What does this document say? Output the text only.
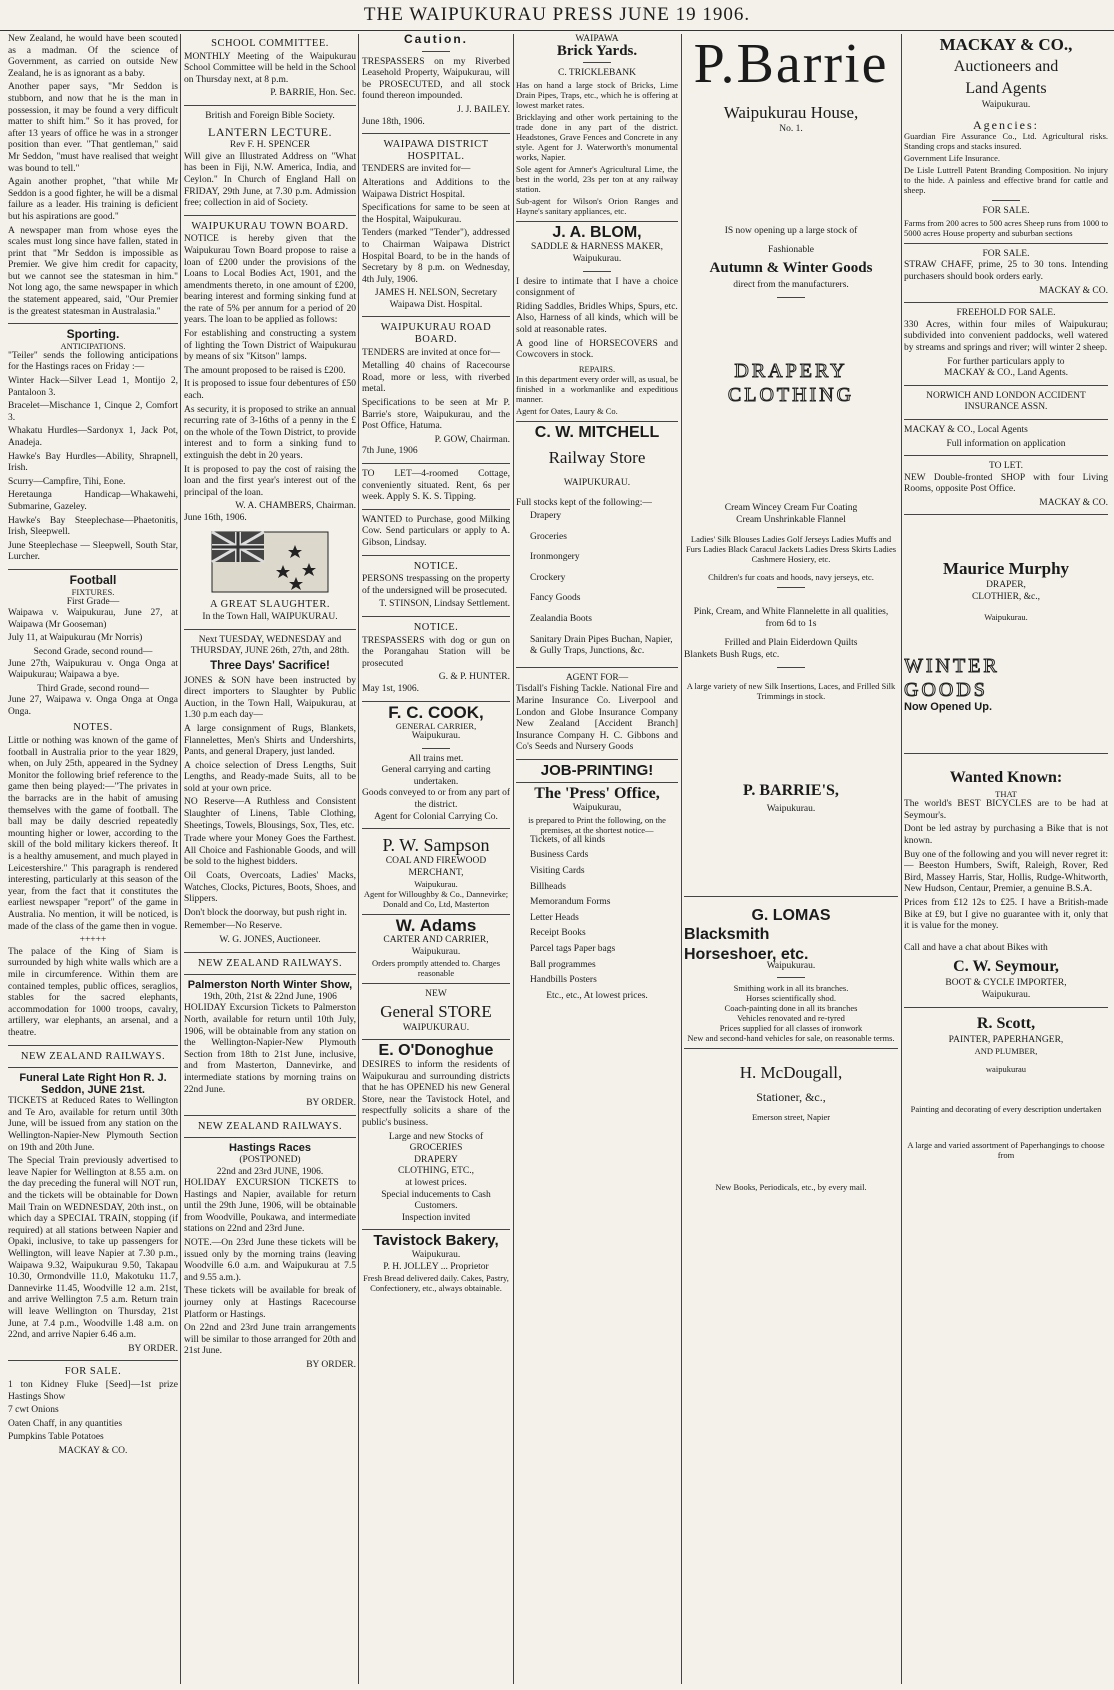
THE WAIPUKURAU PRESS JUNE 19 1906.

New Zealand, he would have been scouted as a madman. Of the science of Government, as carried on outside New Zealand, he is as ignorant as a baby.

Another paper says, "Mr Seddon is stubborn, and now that he is the man in possession, it may be found a very difficult matter to shift him." So it has proved, for after 13 years of office he was in a stronger position than ever. "That gentleman," said Mr Seddon, "must have realised that weight was bound to tell."

Again another prophet, "that while Mr Seddon is a good fighter, he will be a dismal failure as a leader. His training is deficient but his aspirations are good."

A newspaper man from whose eyes the scales must long since have fallen, stated in print that "Mr Seddon is impossible as Premier. We give him credit for capacity, but we cannot see the statesman in him." Not long ago, the same newspaper in which the statement appeared, said, "Our Premier is the greatest statesman in Australasia."

Sporting.
ANTICIPATIONS.

"Teiler" sends the following anticipations for the Hastings races on Friday :—

Winter Hack—Silver Lead 1, Montijo 2, Pantaloon 3.

Bracelet—Mischance 1, Cinque 2, Comfort 3.

Whakatu Hurdles—Sardonyx 1, Jack Pot, Anadeja.

Hawke's Bay Hurdles—Ability, Shrapnell, Irish.

Scurry—Campfire, Tihi, Eone.

Heretaunga Handicap—Whakawehi, Submarine, Gazeley.

Hawke's Bay Steeplechase—Phaetonitis, Irish, Sleepwell.

June Steeplechase — Sleepwell, South Star, Lurcher.

Football
FIXTURES.
First Grade—

Waipawa v. Waipukurau, June 27, at Waipawa (Mr Gooseman)

July 11, at Waipukurau (Mr Norris)

Second Grade, second round—

June 27th, Waipukurau v. Onga Onga at Waipukurau; Waipawa a bye.

Third Grade, second round—

June 27, Waipawa v. Onga Onga at Onga Onga.

NOTES.

Little or nothing was known of the game of football in Australia prior to the year 1829, when, on July 25th, appeared in the Sydney Monitor the following brief reference to the game then being played:—"The privates in the barracks are in the habit of amusing themselves with the game of football. The ball may be daily descried repeatedly mounting higher or lower, according to the skill of the bold military kickers thereof. It is a healthy amusement, and much played in Leicestershire." This paragraph is rendered interesting, particularly at this season of the year, from the fact that it constitutes the earliest newspaper "report" of the game in Australia. No mention, it will be noticed, is made of the class of the game then in vogue.

+++++

The palace of the King of Siam is surrounded by high white walls which are a mile in circumference. Within them are contained temples, public offices, seraglios, stables for the sacred elephants, accommodation for 1000 troops, cavalry, artillery, war elephants, an arsenal, and a theatre.

NEW ZEALAND RAILWAYS.
Funeral Late Right Hon R. J. Seddon, JUNE 21st.

TICKETS at Reduced Rates to Wellington and Te Aro, available for return until 30th June, will be issued from any station on the Wellington-Napier-New Plymouth Section on 19th and 20th June.

The Special Train previously advertised to leave Napier for Wellington at 8.55 a.m. on the day preceding the funeral will NOT run, and the tickets will be obtainable for Down Mail Train on WEDNESDAY, 20th inst., on which day a SPECIAL TRAIN, stopping (if required) at all stations between Napier and Opaki, inclusive, to take up passengers for Wellington, will leave Napier at 7.30 p.m., Waipawa 9.32, Waipukurau 9.50, Takapau 10.30, Ormondville 11.0, Makotuku 11.7, Dannevirke 11.45, Woodville 12 a.m. 21st, and arrive Wellington 7.5 a.m. Return train will leave Wellington on Thursday, 21st June, at 7.4 p.m., Woodville 1.48 a.m. on 22nd, and arrive Napier 6.46 a.m.

BY ORDER.
FOR SALE.

1 ton Kidney Fluke [Seed]—1st prize Hastings Show

7 cwt Onions

Oaten Chaff, in any quantities

Pumpkins Table Potatoes

MACKAY & CO.
SCHOOL COMMITTEE.

MONTHLY Meeting of the Waipukurau School Committee will be held in the School on Thursday next, at 8 p.m.

P. BARRIE, Hon. Sec.
British and Foreign Bible Society.
LANTERN LECTURE.
Rev F. H. SPENCER

Will give an Illustrated Address on "What has been in Fiji, N.W. America, India, and Ceylon." In Church of England Hall on FRIDAY, 29th June, at 7.30 p.m. Admission free; collection in aid of Society.

WAIPUKURAU TOWN BOARD.

NOTICE is hereby given that the Waipukurau Town Board propose to raise a loan of £200 under the provisions of the Loans to Local Bodies Act, 1901, and the amendments thereto, in one amount of £200, bearing interest and forming sinking fund at the rate of 5% per annum for a period of 20 years. The loan to be applied as follows:

For establishing and constructing a system of lighting the Town District of Waipukurau by means of six "Kitson" lamps.

The amount proposed to be raised is £200.

It is proposed to issue four debentures of £50 each.

As security, it is proposed to strike an annual recurring rate of 3-16ths of a penny in the £ on the whole of the Town District, to provide interest and to form a sinking fund to extinguish the debt in 20 years.

It is proposed to pay the cost of raising the loan and the first year's interest out of the principal of the loan.

W. A. CHAMBERS, Chairman.
June 16th, 1906.
A GREAT SLAUGHTER.
In the Town Hall, WAIPUKURAU.
Next TUESDAY, WEDNESDAY and THURSDAY, JUNE 26th, 27th, and 28th.
Three Days' Sacrifice!

JONES & SON have been instructed by direct importers to Slaughter by Public Auction, in the Town Hall, Waipukurau, at 1.30 p.m each day—

A large consignment of Rugs, Blankets, Flannelettes, Men's Shirts and Undershirts, Pants, and general Drapery, just landed.

A choice selection of Dress Lengths, Suit Lengths, and Ready-made Suits, all to be sold at your own price.

NO Reserve—A Ruthless and Consistent Slaughter of Linens, Table Clothing, Sheetings, Towels, Blousings, Sox, Tles, etc.

Trade where your Money Goes the Farthest. All Choice and Fashionable Goods, and will be sold to the highest bidders.

Oil Coats, Overcoats, Ladies' Macks, Watches, Clocks, Pictures, Boots, Shoes, and Slippers.

Don't block the doorway, but push right in.

Remember—No Reserve.

W. G. JONES, Auctioneer.
NEW ZEALAND RAILWAYS.
Palmerston North Winter Show,
19th, 20th, 21st & 22nd June, 1906

HOLIDAY Excursion Tickets to Palmerston North, available for return until 10th July, 1906, will be obtainable from any station on the Wellington-Napier-New Plymouth Section from 18th to 21st June, inclusive, and from Masterton, Dannevirke, and intermediate stations by morning trains on 22nd June.

BY ORDER.
NEW ZEALAND RAILWAYS.
Hastings Races
(POSTPONED)
22nd and 23rd JUNE, 1906.

HOLIDAY EXCURSION TICKETS to Hastings and Napier, available for return until the 29th June, 1906, will be obtainable from Woodville, Poukawa, and intermediate stations on 22nd and 23rd June.

NOTE.—On 23rd June these tickets will be issued only by the morning trains (leaving Woodville 6.0 a.m. and Waipukurau at 7.5 and 9.55 a.m.).

These tickets will be available for break of journey only at Hastings Racecourse Platform or Hastings.

On 22nd and 23rd June train arrangements will be similar to those arranged for 20th and 21st June.

BY ORDER.
Caution.

TRESPASSERS on my Riverbed Leasehold Property, Waipukurau, will be PROSECUTED, and all stock found thereon impounded.

J. J. BAILEY.
June 18th, 1906.
WAIPAWA DISTRICT HOSPITAL.

TENDERS are invited for—

Alterations and Additions to the Waipawa District Hospital.

Specifications for same to be seen at the Hospital, Waipukurau.

Tenders (marked "Tender"), addressed to Chairman Waipawa District Hospital Board, to be in the hands of Secretary by 8 p.m. on Wednesday, 4th July, 1906.

JAMES H. NELSON, Secretary Waipawa Dist. Hospital.
WAIPUKURAU ROAD BOARD.

TENDERS are invited at once for—

Metalling 40 chains of Racecourse Road, more or less, with riverbed metal.

Specifications to be seen at Mr P. Barrie's store, Waipukurau, and the Post Office, Hatuma.

P. GOW, Chairman.
7th June, 1906

TO LET—4-roomed Cottage, conveniently situated. Rent, 6s per week. Apply S. K. S. Tipping.

WANTED to Purchase, good Milking Cow. Send particulars or apply to A. Gibson, Lindsay.

NOTICE.

PERSONS trespassing on the property of the undersigned will be prosecuted.

T. STINSON, Lindsay Settlement.
NOTICE.

TRESPASSERS with dog or gun on the Porangahau Station will be prosecuted

G. & P. HUNTER.
May 1st, 1906.
F. C. COOK,
GENERAL CARRIER,
Waipukurau.
All trains met.
General carrying and carting undertaken.
Goods conveyed to or from any part of the district.
Agent for Colonial Carrying Co.
P. W. Sampson
COAL AND FIREWOOD MERCHANT,
Waipukurau.
Agent for Willoughby & Co., Dannevirke; Donald and Co, Ltd, Masterton
W. Adams
CARTER AND CARRIER,
Waipukurau.
Orders promptly attended to. Charges reasonable
NEW
General STORE
WAIPUKURAU.
E. O'Donoghue

DESIRES to inform the residents of Waipukurau and surrounding districts that he has OPENED his new General Store, near the Tavistock Hotel, and respectfully solicits a share of the public's business.

Large and new Stocks of
GROCERIES
DRAPERY
CLOTHING, ETC.,
at lowest prices.
Special inducements to Cash Customers.
Inspection invited
Tavistock Bakery,
Waipukurau.
P. H. JOLLEY ... Proprietor
Fresh Bread delivered daily. Cakes, Pastry, Confectionery, etc., always obtainable.
WAIPAWA
Brick Yards.
C. TRICKLEBANK

Has on hand a large stock of Bricks, Lime Drain Pipes, Traps, etc., which he is offering at lowest market rates.

Bricklaying and other work pertaining to the trade done in any part of the district. Headstones, Grave Fences and Concrete in any style. Agent for J. Waterworth's monumental works, Napier.

Sole agent for Amner's Agricultural Lime, the best in the world, 23s per ton at any railway station.

Sub-agent for Wilson's Orion Ranges and Hayne's sanitary appliances, etc.

J. A. BLOM,
SADDLE & HARNESS MAKER,
Waipukurau.

I desire to intimate that I have a choice consignment of

Riding Saddles, Bridles Whips, Spurs, etc.

Also, Harness of all kinds, which will be sold at reasonable rates.

A good line of HORSECOVERS and Cowcovers in stock.

REPAIRS.

In this department every order will, as usual, be finished in a workmanlike and expeditious manner.

Agent for Oates, Laury & Co.

C. W. MITCHELL
Railway Store
WAIPUKURAU.

Full stocks kept of the following:—

Drapery
Groceries
Ironmongery
Crockery
Fancy Goods
Zealandia Boots
Sanitary Drain Pipes Buchan, Napier, & Gully Traps, Junctions, &c.
AGENT FOR—

Tisdall's Fishing Tackle. National Fire and Marine Insurance Co. Liverpool and London and Globe Insurance Company New Zealand [Accident Branch] Insurance Company H. C. Gibbons and Co's Seeds and Nursery Goods

JOB-PRINTING!
The 'Press' Office,
Waipukurau,
is prepared to Print the following, on the premises, at the shortest notice—
Tickets, of all kinds
Business Cards
Visiting Cards
Billheads
Memorandum Forms
Letter Heads
Receipt Books
Parcel tags Paper bags
Ball programmes
Handbills Posters
Etc., etc., At lowest prices.
P.Barrie
Waipukurau House,
No. 1.
IS now opening up a large stock of
Fashionable
Autumn & Winter Goods
direct from the manufacturers.
DRAPERY
CLOTHING
Cream Wincey Cream Fur Coating
Cream Unshrinkable Flannel
Ladies' Silk Blouses Ladies Golf Jerseys Ladies Muffs and Furs Ladies Black Caracul Jackets Ladies Dress Skirts Ladies Cashmere Hosiery, etc.
Children's fur coats and hoods, navy jerseys, etc.
Pink, Cream, and White Flannelette in all qualities, from 6d to 1s
Frilled and Plain Eiderdown Quilts
Blankets Bush Rugs, etc.
A large variety of new Silk Insertions, Laces, and Frilled Silk Trimmings in stock.
P. BARRIE'S,
Waipukurau.
G. LOMAS
Blacksmith
Horseshoer, etc.
Waipukurau.
Smithing work in all its branches.
Horses scientifically shod.
Coach-painting done in all its branches
Vehicles renovated and re-tyred
Prices supplied for all classes of ironwork
New and second-hand vehicles for sale, on reasonable terms.
H. McDougall,
Stationer, &c.,
Emerson street, Napier
New Books, Periodicals, etc., by every mail.
MACKAY & CO.,
Auctioneers and
Land Agents
Waipukurau.
Agencies:

Guardian Fire Assurance Co., Ltd. Agricultural risks. Standing crops and stacks insured.

Government Life Insurance.

De Lisle Luttrell Patent Branding Composition. No injury to the hide. A painless and effective brand for cattle and sheep.

FOR SALE.

Farms from 200 acres to 500 acres Sheep runs from 1000 to 5000 acres House property and suburban sections

FOR SALE.

STRAW CHAFF, prime, 25 to 30 tons. Intending purchasers should book orders early.

MACKAY & CO.
FREEHOLD FOR SALE.

330 Acres, within four miles of Waipukurau; subdivided into convenient paddocks, well watered by streams and springs and river; will winter 2 sheep.

For further particulars apply to
MACKAY & CO., Land Agents.
NORWICH AND LONDON ACCIDENT INSURANCE ASSN.

MACKAY & CO., Local Agents

Full information on application
TO LET.

NEW Double-fronted SHOP with four Living Rooms, opposite Post Office.

MACKAY & CO.
Maurice Murphy
DRAPER,
CLOTHIER, &c.,
Waipukurau.
WINTER
GOODS
Now Opened Up.
Wanted Known:
THAT

The world's BEST BICYCLES are to be had at Seymour's.

Dont be led astray by purchasing a Bike that is not known.

Buy one of the following and you will never regret it:— Beeston Humbers, Swift, Raleigh, Rover, Red Bird, Massey Harris, Star, Hollis, Rudge-Whitworth, New Hudson, Centaur, Premier, a genuine B.S.A.

Prices from £12 12s to £25. I have a British-made Bike at £9, but I give no guarantee with it, only that it is value for the money.

Call and have a chat about Bikes with

C. W. Seymour,
BOOT & CYCLE IMPORTER,
Waipukurau.
R. Scott,
PAINTER, PAPERHANGER,
AND PLUMBER,
waipukurau
Painting and decorating of every description undertaken
A large and varied assortment of Paperhangings to choose from
